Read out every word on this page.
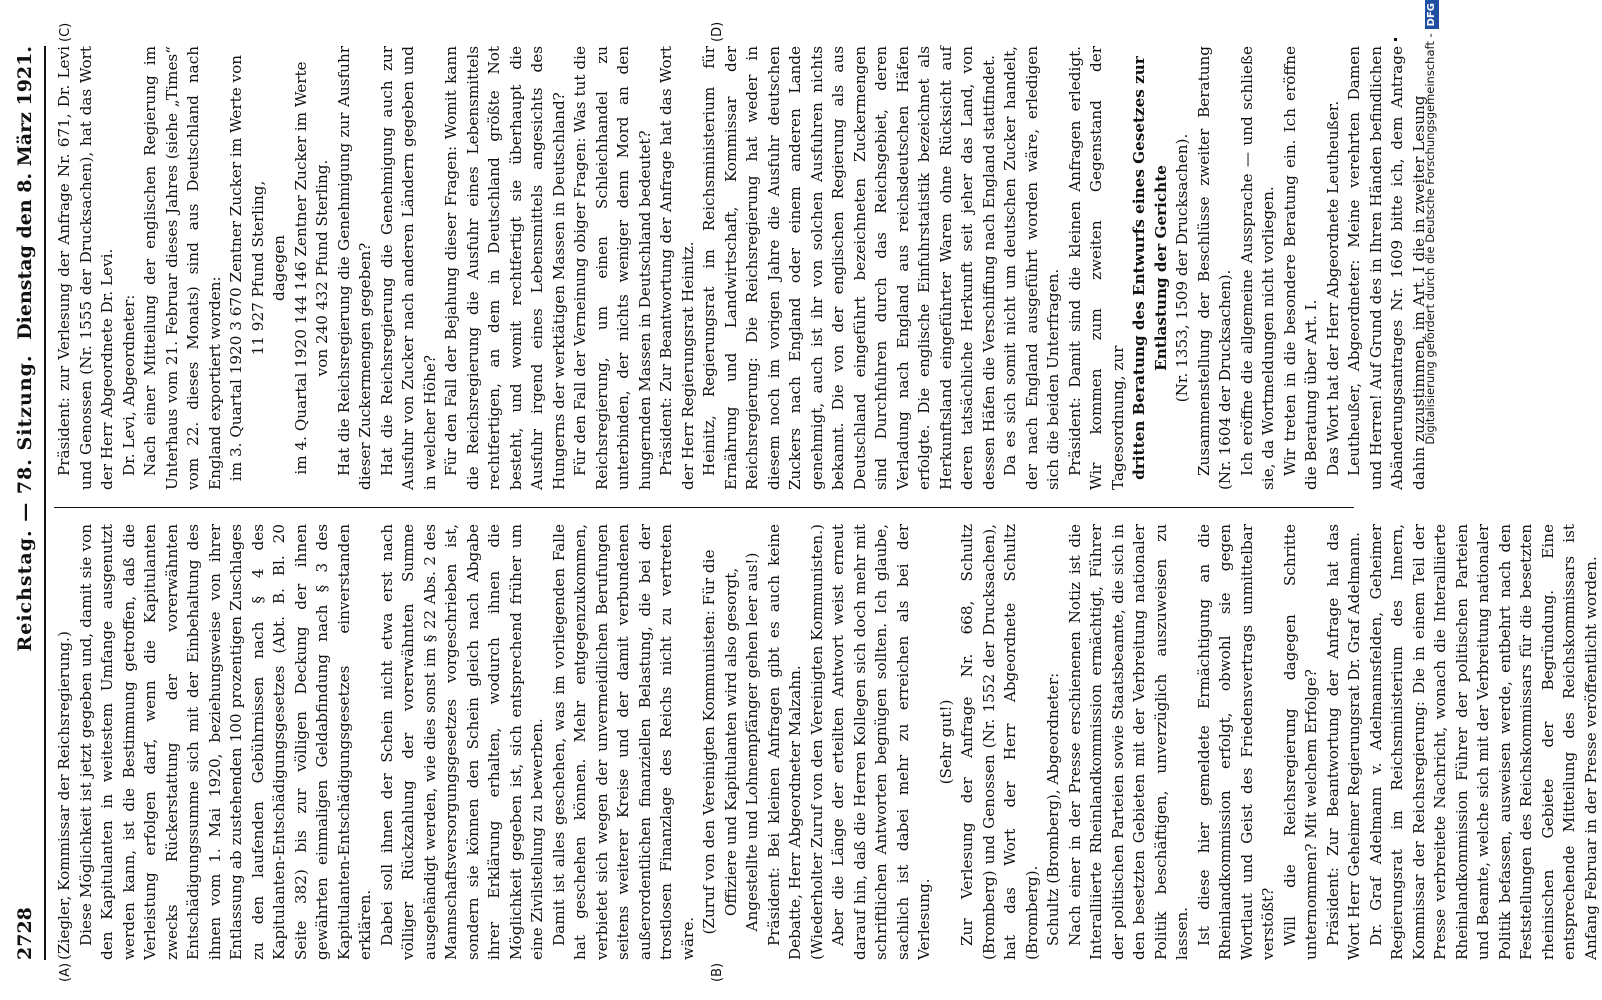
2728
Reichstag. — 78. Sitzung.
Dienstag den 8. März 1921.
(A)	(B)
(C)	(D)

(Ziegler, Kommissar der Reichsregierung.) Diese Möglichkeit ist jetzt gegeben und, damit sie von den Kapitulanten in weitestem Umfange ausgenutzt werden kann, ist die Bestimmung getroffen, daß die Verleistung erfolgen darf, wenn die Kapitulanten zwecks Rückerstattung der vorerwähnten Entschädigungssumme sich mit der Einbehaltung des ihnen vom 1. Mai 1920, beziehungsweise von ihrer Entlassung ab zustehenden 100 prozentigen Zuschlages zu den laufenden Gebührnissen nach § 4 des Kapitulanten-Entschädigungsgesetzes (Abt. B. Bl. 20 Seite 382) bis zur völligen Deckung der ihnen gewährten einmaligen Geldabfindung nach § 3 des Kapitulanten-Entschädigungsgesetzes einverstanden erklären. Dabei soll ihnen der Schein nicht etwa erst nach völliger Rückzahlung der vorerwähnten Summe ausgehändigt werden, wie dies sonst im § 22 Abs. 2 des Mannschaftsversorgungsgesetzes vorgeschrieben ist, sondern sie können den Schein gleich nach Abgabe ihrer Erklärung erhalten, wodurch ihnen die Möglichkeit gegeben ist, sich entsprechend früher um eine Zivilstellung zu bewerben. Damit ist alles geschehen, was im vorliegenden Falle hat geschehen können. Mehr entgegenzukommen, verbietet sich wegen der unvermeidlichen Berufungen seitens weiterer Kreise und der damit verbundenen außerordentlichen finanziellen Belastung, die bei der trostlosen Finanzlage des Reichs nicht zu vertreten wäre.

(Zuruf von den Vereinigten Kommunisten: Für die Offiziere und Kapitulanten wird also gesorgt, Angestellte und Lohnempfänger gehen leer aus!) Präsident: Bei kleinen Anfragen gibt es auch keine Debatte, Herr Abgeordneter Malzahn. (Wiederholter Zuruf von den Vereinigten Kommunisten.) Aber die Länge der erteilten Antwort weist erneut darauf hin, daß die Herren Kollegen sich doch mehr mit schriftlichen Antworten begnügen sollten. Ich glaube, sachlich ist dabei mehr zu erreichen als bei der Verlesung.

(Sehr gut!) Zur Verlesung der Anfrage Nr. 668, Schultz (Bromberg) und Genossen (Nr. 1552 der Drucksachen), hat das Wort der Herr Abgeordnete Schultz (Bromberg). Schultz (Bromberg), Abgeordneter: Nach einer in der Presse erschienenen Notiz ist die Interalliierte Rheinlandkommission ermächtigt, Führer der politischen Parteien sowie Staatsbeamte, die sich in den besetzten Gebieten mit der Verbreitung nationaler Politik beschäftigen, unverzüglich auszuweisen zu lassen. Ist diese hier gemeldete Ermächtigung an die Rheinlandkommission erfolgt, obwohl sie gegen Wortlaut und Geist des Friedensvertrags unmittelbar verstößt? Will die Reichsregierung dagegen Schritte unternommen? Mit welchem Erfolge? Präsident: Zur Beantwortung der Anfrage hat das Wort Herr Geheimer Regierungsrat Dr. Graf Adelmann. Dr. Graf Adelmann v. Adelmannsfelden, Geheimer Regierungsrat im Reichsministerium des Innern, Kommissar der Reichsregierung: Die in einem Teil der Presse verbreitete Nachricht, wonach die Interalliierte Rheinlandkommission Führer der politischen Parteien und Beamte, welche sich mit der Verbreitung nationaler Politik befassen, ausweisen werde, entbehrt nach den Feststellungen des Reichskommissars für die besetzten rheinischen Gebiete der Begründung. Eine entsprechende Mitteilung des Reichskommissars ist Anfang Februar in der Presse veröffentlicht worden.

Präsident: zur Verlesung der Anfrage Nr. 671, Dr. Levi und Genossen (Nr. 1555 der Drucksachen), hat das Wort der Herr Abgeordnete Dr. Levi. Dr. Levi, Abgeordneter: Nach einer Mitteilung der englischen Regierung im Unterhaus vom 21. Februar dieses Jahres (siehe „Times“ vom 22. dieses Monats) sind aus Deutschland nach England exportiert worden: im 3. Quartal 1920 3 670 Zentner Zucker im Werte von 11 927 Pfund Sterling, dagegen im 4. Quartal 1920 144 146 Zentner Zucker im Werte von 240 432 Pfund Sterling. Hat die Reichsregierung die Genehmigung zur Ausfuhr dieser Zuckermengen gegeben? Hat die Reichsregierung die Genehmigung auch zur Ausfuhr von Zucker nach anderen Ländern gegeben und in welcher Höhe? Für den Fall der Bejahung dieser Fragen: Womit kann die Reichsregierung die Ausfuhr eines Lebensmittels rechtfertigen, an dem in Deutschland größte Not besteht, und womit rechtfertigt sie überhaupt die Ausfuhr irgend eines Lebensmittels angesichts des Hungerns der werktätigen Massen in Deutschland? Für den Fall der Verneinung obiger Fragen: Was tut die Reichsregierung, um einen Schleichhandel zu unterbinden, der nichts weniger denn Mord an den hungernden Massen in Deutschland bedeutet? Präsident: Zur Beantwortung der Anfrage hat das Wort der Herr Regierungsrat Heinitz. Heinitz, Regierungsrat im Reichsministerium für Ernährung und Landwirtschaft, Kommissar der Reichsregierung: Die Reichsregierung hat weder in diesem noch im vorigen Jahre die Ausfuhr deutschen Zuckers nach England oder einem anderen Lande genehmigt, auch ist ihr von solchen Ausfuhren nichts bekannt. Die von der englischen Regierung als aus Deutschland eingeführt bezeichneten Zuckermengen sind Durchfuhren durch das Reichsgebiet, deren Verladung nach England aus reichsdeutschen Häfen erfolgte. Die englische Einfuhrstatistik bezeichnet als Herkunftsland eingeführter Waren ohne Rücksicht auf deren tatsächliche Herkunft seit jeher das Land, von dessen Häfen die Verschiffung nach England stattfindet. Da es sich somit nicht um deutschen Zucker handelt, der nach England ausgeführt worden wäre, erledigen sich die beiden Unterfragen. Präsident: Damit sind die kleinen Anfragen erledigt. Wir kommen zum zweiten Gegenstand der Tagesordnung, zur dritten Beratung des Entwurfs eines Gesetzes zur Entlastung der Gerichte (Nr. 1353, 1509 der Drucksachen). Zusammenstellung der Beschlüsse zweiter Beratung (Nr. 1604 der Drucksachen). Ich eröffne die allgemeine Aussprache — und schließe sie, da Wortmeldungen nicht vorliegen. Wir treten in die besondere Beratung ein. Ich eröffne die Beratung über Art. I. Das Wort hat der Herr Abgeordnete Leutheußer. Leutheußer, Abgeordneter: Meine verehrten Damen und Herren! Auf Grund des in Ihren Händen befindlichen Abänderungsantrages Nr. 1609 bitte ich, dem Antrage dahin zuzustimmen, im Art. I die in zweiter Lesung

Digitalisierung gefördert durch die Deutsche Forschungsgemeinschaft -DFG
